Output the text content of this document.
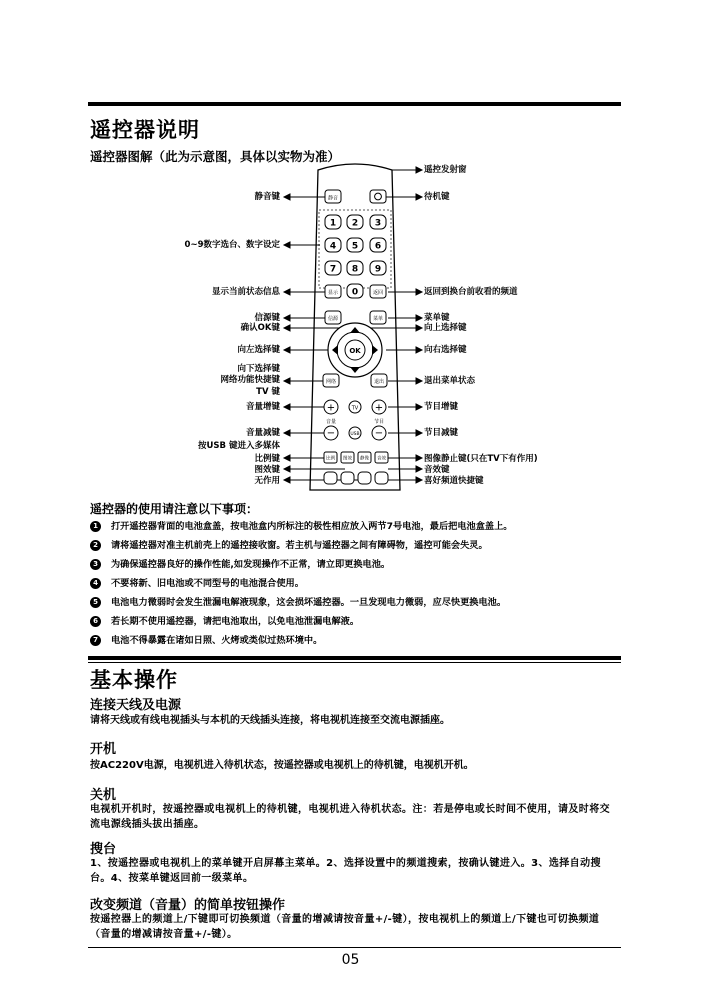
遥控器说明
遥控器图解（此为示意图，具体以实物为准）
静音
1 2 3
4 5 6
7 8 9
0
显示	返回
信源	菜单
OK
网络	退出
+	TV +
音量	节目
−	USB −
比例 图效 静像 音效
静音键
0~9数字选台、数字设定
显示当前状态信息
信源键
确认OK键
向左选择键
向下选择键
网络功能快捷键
TV 键
音量增键
音量减键
按USB 键进入多媒体
比例键
图效键
无作用
遥控发射窗
待机键
返回到换台前收看的频道
菜单键
向上选择键
向右选择键
退出菜单状态
节目增键
节目减键
图像静止键(只在TV下有作用)
音效键
喜好频道快捷键
遥控器的使用请注意以下事项：
1 打开遥控器背面的电池盒盖，按电池盒内所标注的极性相应放入两节7号电池，最后把电池盒盖上。
2 请将遥控器对准主机前壳上的遥控接收窗。若主机与遥控器之间有障碍物，遥控可能会失灵。
3 为确保遥控器良好的操作性能,如发现操作不正常，请立即更换电池。
4 不要将新、旧电池或不同型号的电池混合使用。
5 电池电力微弱时会发生泄漏电解液现象，这会损坏遥控器。一旦发现电力微弱，应尽快更换电池。
6 若长期不使用遥控器，请把电池取出，以免电池泄漏电解液。
7 电池不得暴露在诸如日照、火烤或类似过热环境中。
基本操作
连接天线及电源
请将天线或有线电视插头与本机的天线插头连接，将电视机连接至交流电源插座。
开机
按AC220V电源，电视机进入待机状态，按遥控器或电视机上的待机键，电视机开机。
关机
电视机开机时，按遥控器或电视机上的待机键，电视机进入待机状态。注：若是停电或长时间不使用，请及时将交流电源线插头拔出插座。
搜台
1、按遥控器或电视机上的菜单键开启屏幕主菜单。2、选择设置中的频道搜索，按确认键进入。3、选择自动搜台。4、按菜单键返回前一级菜单。
改变频道（音量）的简单按钮操作
按遥控器上的频道上/下键即可切换频道（音量的增减请按音量+/-键），按电视机上的频道上/下键也可切换频道（音量的增减请按音量+/-键）。
05
